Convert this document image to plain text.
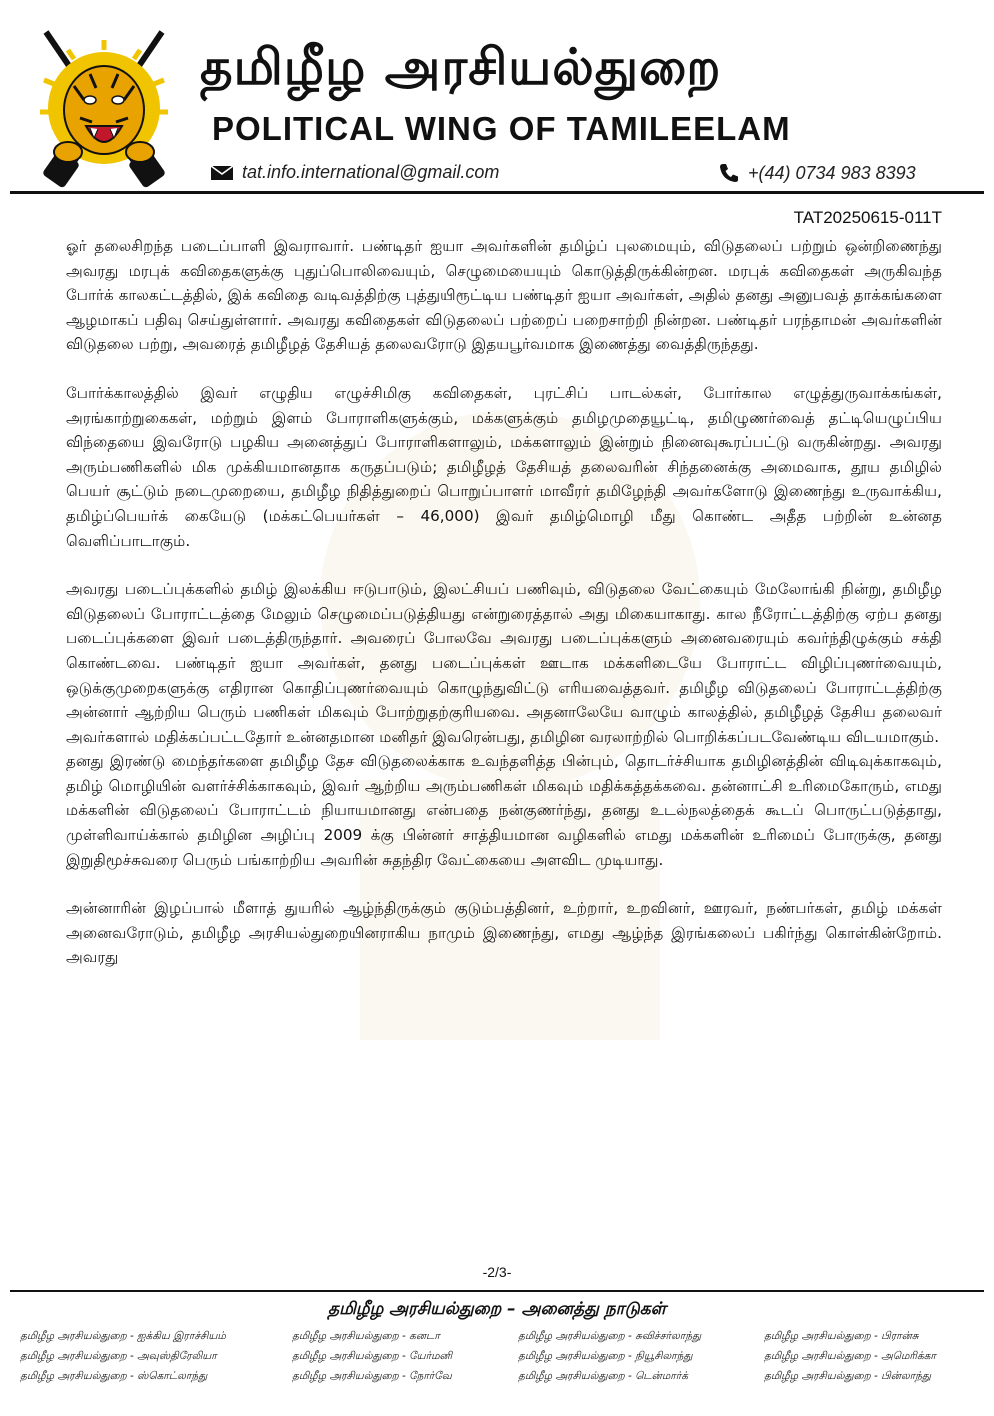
தமிழீழ அரசியல்துறை
POLITICAL WING OF TAMILEELAM
tat.info.international@gmail.com	+(44) 0734 983 8393
TAT20250615-011T

ஓர் தலைசிறந்த படைப்பாளி இவராவார். பண்டிதர் ஐயா அவர்களின் தமிழ்ப் புலமையும், விடுதலைப் பற்றும் ஒன்றிணைந்து அவரது மரபுக் கவிதைகளுக்கு புதுப்பொலிவையும், செழுமையையும் கொடுத்திருக்கின்றன. மரபுக் கவிதைகள் அருகிவந்த போர்க் காலகட்டத்தில், இக் கவிதை வடிவத்திற்கு புத்துயிரூட்டிய பண்டிதர் ஐயா அவர்கள், அதில் தனது அனுபவத் தாக்கங்களை ஆழமாகப் பதிவு செய்துள்ளார். அவரது கவிதைகள் விடுதலைப் பற்றைப் பறைசாற்றி நின்றன. பண்டிதர் பரந்தாமன் அவர்களின் விடுதலை பற்று, அவரைத் தமிழீழத் தேசியத் தலைவரோடு இதயபூர்வமாக இணைத்து வைத்திருந்தது.

போர்க்காலத்தில் இவர் எழுதிய எழுச்சிமிகு கவிதைகள், புரட்சிப் பாடல்கள், போர்கால எழுத்துருவாக்கங்கள், அரங்காற்றுகைகள், மற்றும் இளம் போராளிகளுக்கும், மக்களுக்கும் தமிழமுதையூட்டி, தமிழுணர்வைத் தட்டியெழுப்பிய விந்தையை இவரோடு பழகிய அனைத்துப் போராளிகளாலும், மக்களாலும் இன்றும் நினைவுகூரப்பட்டு வருகின்றது. அவரது அரும்பணிகளில் மிக முக்கியமானதாக கருதப்படும்; தமிழீழத் தேசியத் தலைவரின் சிந்தனைக்கு அமைவாக, தூய தமிழில் பெயர் சூட்டும் நடைமுறையை, தமிழீழ நிதித்துறைப் பொறுப்பாளர் மாவீரர் தமிழேந்தி அவர்களோடு இணைந்து உருவாக்கிய, தமிழ்ப்பெயர்க் கையேடு (மக்கட்பெயர்கள் – 46,000) இவர் தமிழ்மொழி மீது கொண்ட அதீத பற்றின் உன்னத வெளிப்பாடாகும்.

அவரது படைப்புக்களில் தமிழ் இலக்கிய ஈடுபாடும், இலட்சியப் பணிவும், விடுதலை வேட்கையும் மேலோங்கி நின்று, தமிழீழ விடுதலைப் போராட்டத்தை மேலும் செழுமைப்படுத்தியது என்றுரைத்தால் அது மிகையாகாது. கால நீரோட்டத்திற்கு ஏற்ப தனது படைப்புக்களை இவர் படைத்திருந்தார். அவரைப் போலவே அவரது படைப்புக்களும் அனைவரையும் கவர்ந்திழுக்கும் சக்தி கொண்டவை. பண்டிதர் ஐயா அவர்கள், தனது படைப்புக்கள் ஊடாக மக்களிடையே போராட்ட விழிப்புணர்வையும், ஒடுக்குமுறைகளுக்கு எதிரான கொதிப்புணர்வையும் கொழுந்துவிட்டு எரியவைத்தவர். தமிழீழ விடுதலைப் போராட்டத்திற்கு அன்னார் ஆற்றிய பெரும் பணிகள் மிகவும் போற்றுதற்குரியவை. அதனாலேயே வாழும் காலத்தில், தமிழீழத் தேசிய தலைவர் அவர்களால் மதிக்கப்பட்டதோர் உன்னதமான மனிதர் இவரென்பது, தமிழின வரலாற்றில் பொறிக்கப்படவேண்டிய விடயமாகும்.

தனது இரண்டு மைந்தர்களை தமிழீழ தேச விடுதலைக்காக உவந்தளித்த பின்பும், தொடர்ச்சியாக தமிழினத்தின் விடிவுக்காகவும், தமிழ் மொழியின் வளர்ச்சிக்காகவும், இவர் ஆற்றிய அரும்பணிகள் மிகவும் மதிக்கத்தக்கவை. தன்னாட்சி உரிமைகோரும், எமது மக்களின் விடுதலைப் போராட்டம் நியாயமானது என்பதை நன்குணர்ந்து, தனது உடல்நலத்தைக் கூடப் பொருட்படுத்தாது, முள்ளிவாய்க்கால் தமிழின அழிப்பு 2009 க்கு பின்னர் சாத்தியமான வழிகளில் எமது மக்களின் உரிமைப் போருக்கு, தனது இறுதிமூச்சுவரை பெரும் பங்காற்றிய அவரின் சுதந்திர வேட்கையை அளவிட முடியாது.

அன்னாரின் இழப்பால் மீளாத் துயரில் ஆழ்ந்திருக்கும் குடும்பத்தினர், உற்றார், உறவினர், ஊரவர், நண்பர்கள், தமிழ் மக்கள் அனைவரோடும், தமிழீழ அரசியல்துறையினராகிய நாமும் இணைந்து, எமது ஆழ்ந்த இரங்கலைப் பகிர்ந்து கொள்கின்றோம். அவரது

-2/3-
தமிழீழ அரசியல்துறை – அனைத்து நாடுகள்
தமிழீழ அரசியல்துறை - ஐக்கிய இராச்சியம்	தமிழீழ அரசியல்துறை - கனடா	தமிழீழ அரசியல்துறை - சுவிச்சர்லாந்து	தமிழீழ அரசியல்துறை - பிரான்சு
தமிழீழ அரசியல்துறை - அவுஸ்திரேலியா	தமிழீழ அரசியல்துறை - யேர்மனி	தமிழீழ அரசியல்துறை - நியூசிலாந்து	தமிழீழ அரசியல்துறை - அமெரிக்கா
தமிழீழ அரசியல்துறை - ஸ்கொட்லாந்து	தமிழீழ அரசியல்துறை - நோர்வே	தமிழீழ அரசியல்துறை - டென்மார்க்	தமிழீழ அரசியல்துறை - பின்லாந்து
